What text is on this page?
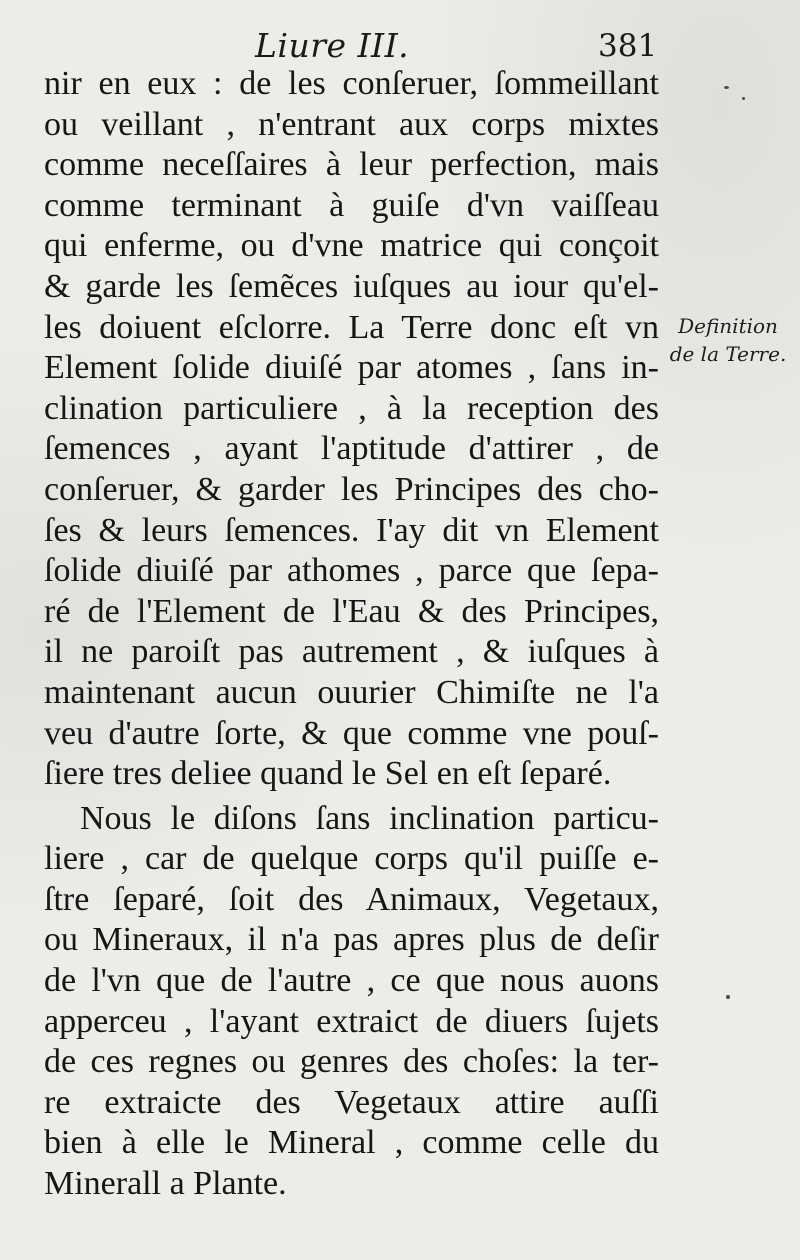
Liure III.	381
nir en eux : de les conſeruer, ſommeillant
ou veillant , n'entrant aux corps mixtes
comme neceſſaires à leur perfection, mais
comme terminant à guiſe d'vn vaiſſeau
qui enferme, ou d'vne matrice qui conçoit
& garde les ſemẽces iuſques au iour qu'el-
les doiuent eſclorre. La Terre donc eſt vn
Element ſolide diuiſé par atomes , ſans in-
clination particuliere , à la reception des
ſemences , ayant l'aptitude d'attirer , de
conſeruer, & garder les Principes des cho-
ſes & leurs ſemences. I'ay dit vn Element
ſolide diuiſé par athomes , parce que ſepa-
ré de l'Element de l'Eau & des Principes,
il ne paroiſt pas autrement , & iuſques à
maintenant aucun ouurier Chimiſte ne l'a
veu d'autre ſorte, & que comme vne pouſ-
ſiere tres deliee quand le Sel en eſt ſeparé.
Nous le diſons ſans inclination particu-
liere , car de quelque corps qu'il puiſſe e-
ſtre ſeparé, ſoit des Animaux, Vegetaux,
ou Mineraux, il n'a pas apres plus de deſir
de l'vn que de l'autre , ce que nous auons
apperceu , l'ayant extraict de diuers ſujets
de ces regnes ou genres des choſes: la ter-
re extraicte des Vegetaux attire auſſi
bien à elle le Mineral , comme celle du
Minerall a Plante.
Definition
de la Terre.
